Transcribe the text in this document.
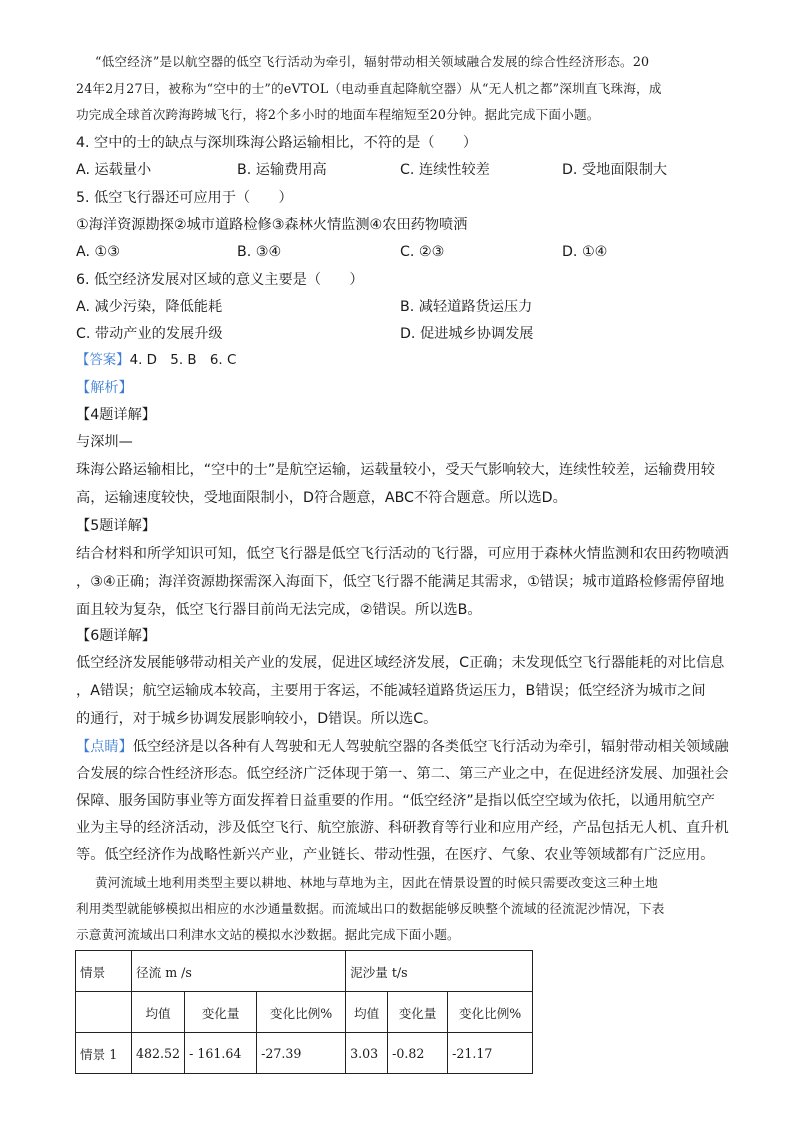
“低空经济”是以航空器的低空飞行活动为牵引，辐射带动相关领域融合发展的综合性经济形态。20
24年2月27日，被称为“空中的士”的eVTOL（电动垂直起降航空器）从“无人机之都”深圳直飞珠海，成
功完成全球首次跨海跨城飞行，将2个多小时的地面车程缩短至20分钟。据此完成下面小题。
4. 空中的士的缺点与深圳珠海公路运输相比，不符的是（　　）
A. 运载量小	B. 运输费用高	C. 连续性较差	D. 受地面限制大
5. 低空飞行器还可应用于（　　）
①海洋资源勘探②城市道路检修③森林火情监测④农田药物喷洒
A. ①③	B. ③④	C. ②③	D. ①④
6. 低空经济发展对区域的意义主要是（　　）
A. 减少污染，降低能耗	B. 减轻道路货运压力
C. 带动产业的发展升级	D. 促进城乡协调发展
【答案】4. D　5. B　6. C
【解析】
【4题详解】
与深圳—
珠海公路运输相比，“空中的士”是航空运输，运载量较小，受天气影响较大，连续性较差，运输费用较
高，运输速度较快，受地面限制小，D符合题意，ABC不符合题意。所以选D。
【5题详解】
结合材料和所学知识可知，低空飞行器是低空飞行活动的飞行器，可应用于森林火情监测和农田药物喷洒
，③④正确；海洋资源勘探需深入海面下，低空飞行器不能满足其需求，①错误；城市道路检修需停留地
面且较为复杂，低空飞行器目前尚无法完成，②错误。所以选B。
【6题详解】
低空经济发展能够带动相关产业的发展，促进区域经济发展，C正确；未发现低空飞行器能耗的对比信息
，A错误；航空运输成本较高，主要用于客运，不能减轻道路货运压力，B错误；低空经济为城市之间
的通行，对于城乡协调发展影响较小，D错误。所以选C。
【点睛】低空经济是以各种有人驾驶和无人驾驶航空器的各类低空飞行活动为牵引，辐射带动相关领域融
合发展的综合性经济形态。低空经济广泛体现于第一、第二、第三产业之中，在促进经济发展、加强社会
保障、服务国防事业等方面发挥着日益重要的作用。“低空经济”是指以低空空域为依托，以通用航空产
业为主导的经济活动，涉及低空飞行、航空旅游、科研教育等行业和应用产经，产品包括无人机、直升机
等。低空经济作为战略性新兴产业，产业链长、带动性强，在医疗、气象、农业等领域都有广泛应用。
黄河流域土地利用类型主要以耕地、林地与草地为主，因此在情景设置的时候只需要改变这三种土地
利用类型就能够模拟出相应的水沙通量数据。而流域出口的数据能够反映整个流域的径流泥沙情况，下表
示意黄河流域出口利津水文站的模拟水沙数据。据此完成下面小题。
情景	径流 m /s			泥沙量 t/s		
	均值	变化量	变化比例%	均值	变化量	变化比例%
情景 1	482.52	- 161.64	-27.39	3.03	-0.82	-21.17
